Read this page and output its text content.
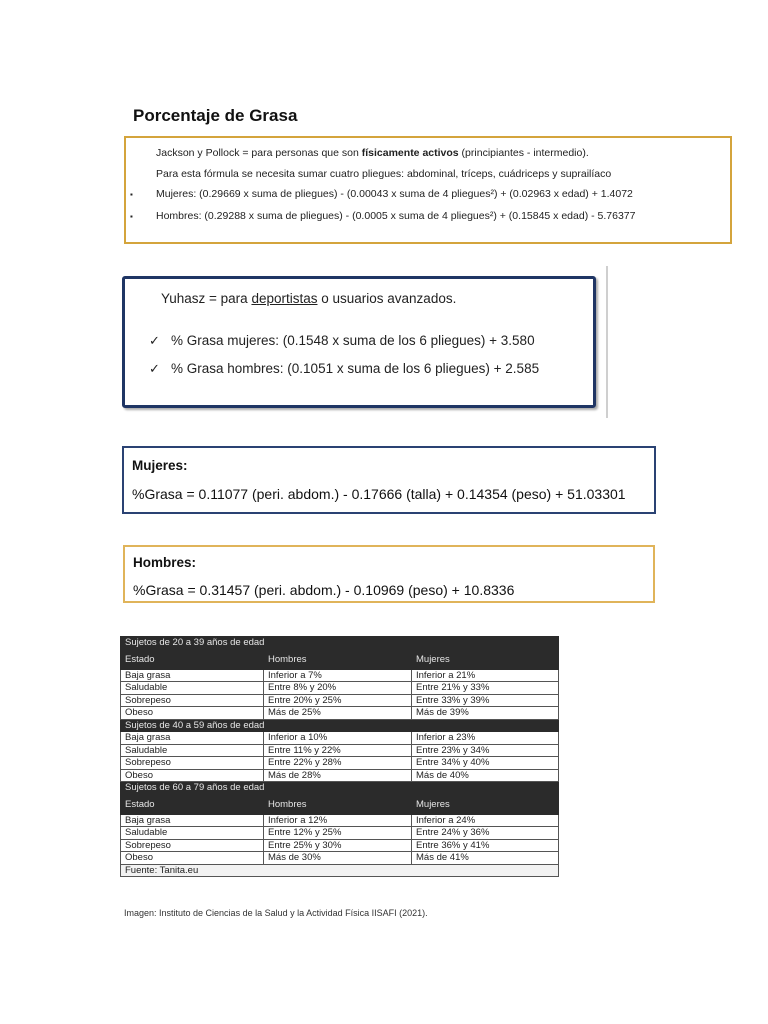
Porcentaje de Grasa
Jackson y Pollock = para personas que son físicamente activos (principiantes - intermedio).
Para esta fórmula se necesita sumar cuatro pliegues: abdominal, tríceps, cuádriceps y suprailíaco
▪ Mujeres: (0.29669 x suma de pliegues) - (0.00043 x suma de 4 pliegues²) + (0.02963 x edad) + 1.4072
▪ Hombres: (0.29288 x suma de pliegues) - (0.0005 x suma de 4 pliegues²) + (0.15845 x edad) - 5.76377
Yuhasz = para deportistas o usuarios avanzados.
✓ % Grasa mujeres: (0.1548 x suma de los 6 pliegues) + 3.580
✓ % Grasa hombres: (0.1051 x suma de los 6 pliegues) + 2.585
Mujeres:
%Grasa = 0.11077 (peri. abdom.) - 0.17666 (talla) + 0.14354 (peso) + 51.03301
Hombres:
%Grasa = 0.31457 (peri. abdom.) - 0.10969 (peso) + 10.8336
Sujetos de 20 a 39 años de edad		
Estado	Hombres	Mujeres
Baja grasa	Inferior a 7%	Inferior a 21%
Saludable	Entre 8% y 20%	Entre 21% y 33%
Sobrepeso	Entre 20% y 25%	Entre 33% y 39%
Obeso	Más de 25%	Más de 39%
Sujetos de 40 a 59 años de edad		
Baja grasa	Inferior a 10%	Inferior a 23%
Saludable	Entre 11% y 22%	Entre 23% y 34%
Sobrepeso	Entre 22% y 28%	Entre 34% y 40%
Obeso	Más de 28%	Más de 40%
Sujetos de 60 a 79 años de edad		
Estado	Hombres	Mujeres
Baja grasa	Inferior a 12%	Inferior a 24%
Saludable	Entre 12% y 25%	Entre 24% y 36%
Sobrepeso	Entre 25% y 30%	Entre 36% y 41%
Obeso	Más de 30%	Más de 41%
Fuente: Tanita.eu		
Imagen: Instituto de Ciencias de la Salud y la Actividad Física IISAFI (2021).
